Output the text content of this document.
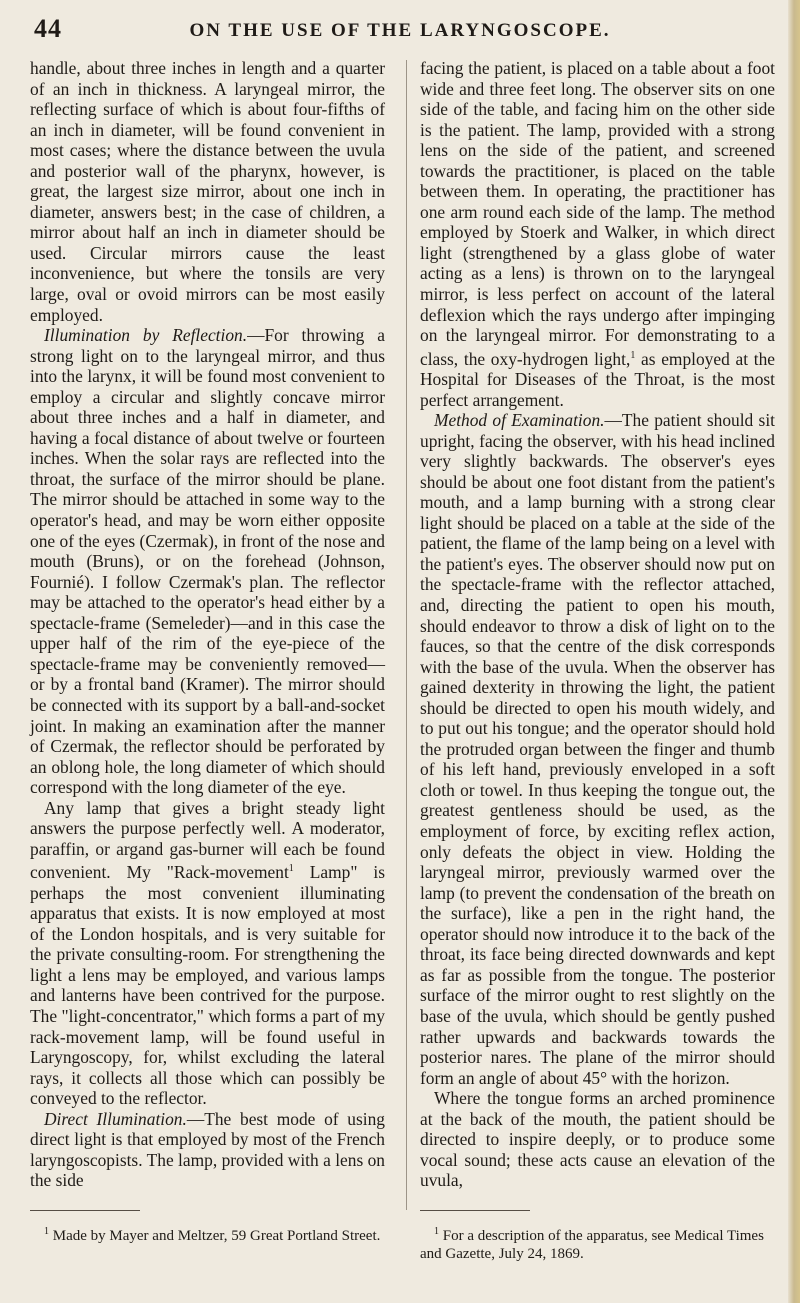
44	ON THE USE OF THE LARYNGOSCOPE.

handle, about three inches in length and a quarter of an inch in thickness. A laryngeal mirror, the reflecting surface of which is about four-fifths of an inch in diameter, will be found convenient in most cases; where the distance between the uvula and posterior wall of the pharynx, however, is great, the largest size mirror, about one inch in diameter, answers best; in the case of children, a mirror about half an inch in diameter should be used. Circular mirrors cause the least inconvenience, but where the tonsils are very large, oval or ovoid mirrors can be most easily employed.

Illumination by Reflection.—For throwing a strong light on to the laryngeal mirror, and thus into the larynx, it will be found most convenient to employ a circular and slightly concave mirror about three inches and a half in diameter, and having a focal distance of about twelve or fourteen inches. When the solar rays are reflected into the throat, the surface of the mirror should be plane. The mirror should be attached in some way to the operator's head, and may be worn either opposite one of the eyes (Czermak), in front of the nose and mouth (Bruns), or on the forehead (Johnson, Fournié). I follow Czermak's plan. The reflector may be attached to the operator's head either by a spectacle-frame (Semeleder)—and in this case the upper half of the rim of the eye-piece of the spectacle-frame may be conveniently removed—or by a frontal band (Kramer). The mirror should be connected with its support by a ball-and-socket joint. In making an examination after the manner of Czermak, the reflector should be perforated by an oblong hole, the long diameter of which should correspond with the long diameter of the eye.

Any lamp that gives a bright steady light answers the purpose perfectly well. A moderator, paraffin, or argand gas-burner will each be found convenient. My "Rack-movement$^1$ Lamp" is perhaps the most convenient illuminating apparatus that exists. It is now employed at most of the London hospitals, and is very suitable for the private consulting-room. For strengthening the light a lens may be employed, and various lamps and lanterns have been contrived for the purpose. The "light-concentrator," which forms a part of my rack-movement lamp, will be found useful in Laryngoscopy, for, whilst excluding the lateral rays, it collects all those which can possibly be conveyed to the reflector.

Direct Illumination.—The best mode of using direct light is that employed by most of the French laryngoscopists. The lamp, provided with a lens on the side

facing the patient, is placed on a table about a foot wide and three feet long. The observer sits on one side of the table, and facing him on the other side is the patient. The lamp, provided with a strong lens on the side of the patient, and screened towards the practitioner, is placed on the table between them. In operating, the practitioner has one arm round each side of the lamp. The method employed by Stoerk and Walker, in which direct light (strengthened by a glass globe of water acting as a lens) is thrown on to the laryngeal mirror, is less perfect on account of the lateral deflexion which the rays undergo after impinging on the laryngeal mirror. For demonstrating to a class, the oxy-hydrogen light,$^1$ as employed at the Hospital for Diseases of the Throat, is the most perfect arrangement.

Method of Examination.—The patient should sit upright, facing the observer, with his head inclined very slightly backwards. The observer's eyes should be about one foot distant from the patient's mouth, and a lamp burning with a strong clear light should be placed on a table at the side of the patient, the flame of the lamp being on a level with the patient's eyes. The observer should now put on the spectacle-frame with the reflector attached, and, directing the patient to open his mouth, should endeavor to throw a disk of light on to the fauces, so that the centre of the disk corresponds with the base of the uvula. When the observer has gained dexterity in throwing the light, the patient should be directed to open his mouth widely, and to put out his tongue; and the operator should hold the protruded organ between the finger and thumb of his left hand, previously enveloped in a soft cloth or towel. In thus keeping the tongue out, the greatest gentleness should be used, as the employment of force, by exciting reflex action, only defeats the object in view. Holding the laryngeal mirror, previously warmed over the lamp (to prevent the condensation of the breath on the surface), like a pen in the right hand, the operator should now introduce it to the back of the throat, its face being directed downwards and kept as far as possible from the tongue. The posterior surface of the mirror ought to rest slightly on the base of the uvula, which should be gently pushed rather upwards and backwards towards the posterior nares. The plane of the mirror should form an angle of about 45° with the horizon.

Where the tongue forms an arched prominence at the back of the mouth, the patient should be directed to inspire deeply, or to produce some vocal sound; these acts cause an elevation of the uvula,

$^1$ Made by Mayer and Meltzer, 59 Great Portland Street.	$^1$ For a description of the apparatus, see Medical Times and Gazette, July 24, 1869.
